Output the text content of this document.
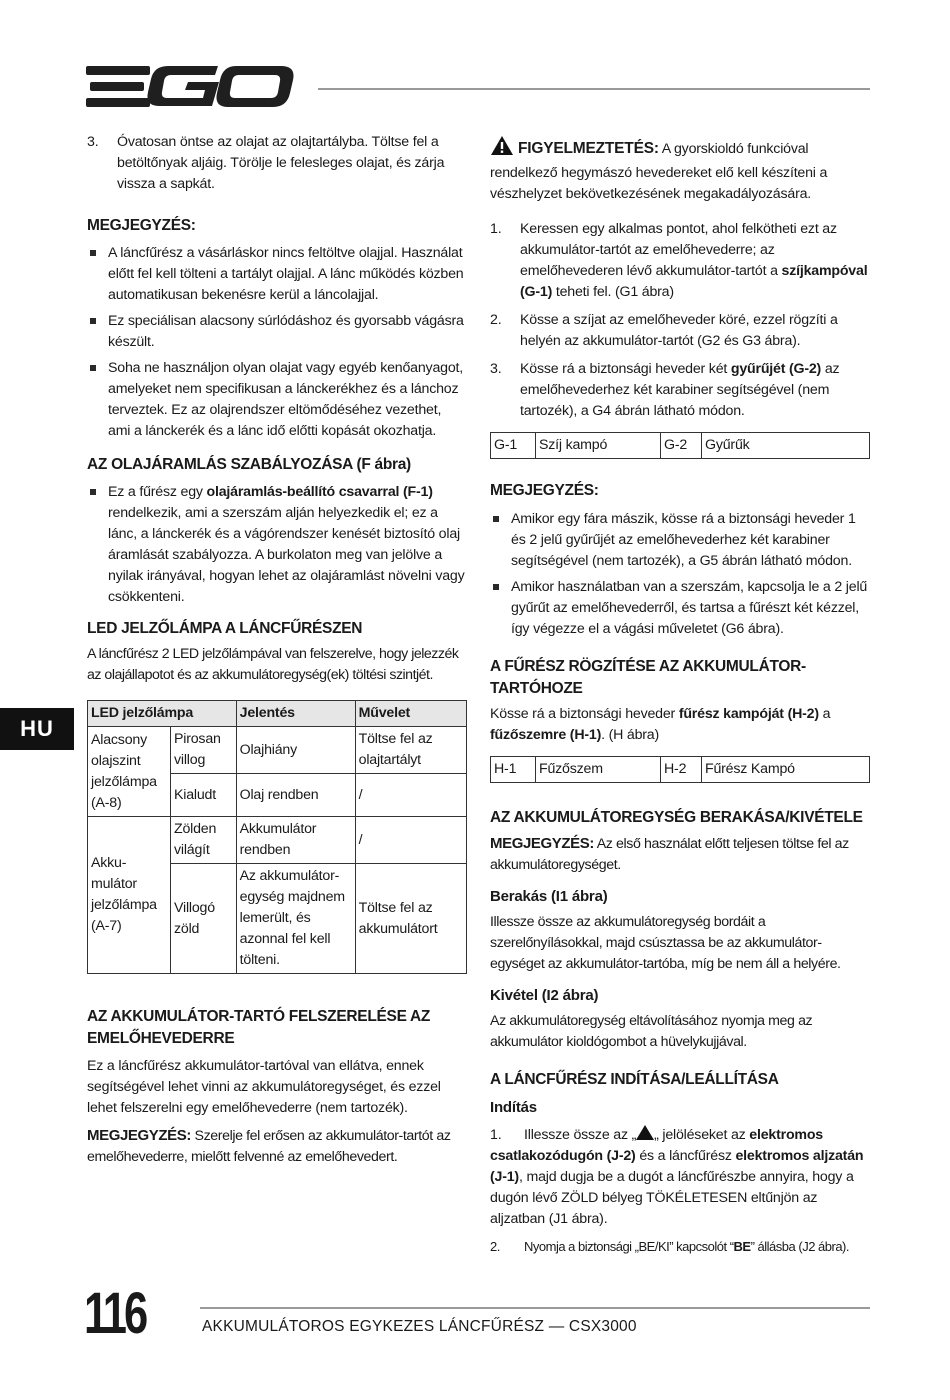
HU
3.	Óvatosan öntse az olajat az olajtartályba. Töltse fel a betöltőnyak aljáig. Törölje le felesleges olajat, és zárja vissza a sapkát.

MEGJEGYZÉS:

A láncfűrész a vásárláskor nincs feltöltve olajjal. Használat előtt fel kell tölteni a tartályt olajjal. A lánc működés közben automatikusan bekenésre kerül a láncolajjal.

Ez speciálisan alacsony súrlódáshoz és gyorsabb vágásra készült.

Soha ne használjon olyan olajat vagy egyéb kenőanyagot, amelyeket nem specifikusan a lánckerékhez és a lánchoz terveztek. Ez az olajrendszer eltömődéséhez vezethet, ami a lánckerék és a lánc idő előtti kopását okozhatja.

AZ OLAJÁRAMLÁS SZABÁLYOZÁSA (F ábra)

Ez a fűrész egy olajáramlás-beállító csavarral (F-1) rendelkezik, ami a szerszám alján helyezkedik el; ez a lánc, a lánckerék és a vágórendszer kenését biztosító olaj áramlását szabályozza. A burkolaton meg van jelölve a nyilak irányával, hogyan lehet az olajáramlást növelni vagy csökkenteni.

LED JELZŐLÁMPA A LÁNCFŰRÉSZEN

A láncfűrész 2 LED jelzőlámpával van felszerelve, hogy jelezzék az olajállapotot és az akkumulátoregység(ek) töltési szintjét.

LED jelzőlámpa		Jelentés	Művelet
Alacsony olajszint jelzőlámpa (A-8)	Pirosan villog	Olajhiány	Töltse fel az olajtartályt
	Kialudt	Olaj rendben	/
Akku-mulátor jelzőlámpa (A-7)	Zölden világít	Akkumulátor rendben	/
	Villogó zöld	Az akkumulátor-egység majdnem lemerült, és azonnal fel kell tölteni.	Töltse fel az akkumulátort
AZ AKKUMULÁTOR-TARTÓ FELSZERELÉSE AZ EMELŐHEVEDERRE

Ez a láncfűrész akkumulátor-tartóval van ellátva, ennek segítségével lehet vinni az akkumulátoregységet, és ezzel lehet felszerelni egy emelőhevederre (nem tartozék).

MEGJEGYZÉS: Szerelje fel erősen az akkumulátor-tartót az emelőhevederre, mielőtt felvenné az emelőhevedert.

FIGYELMEZTETÉS: A gyorskioldó funkcióval rendelkező hegymászó hevedereket elő kell készíteni a vészhelyzet bekövetkezésének megakadályozására.

1.	Keressen egy alkalmas pontot, ahol felkötheti ezt az akkumulátor-tartót az emelőhevederre; az emelőhevederen lévő akkumulátor-tartót a szíjkampóval (G-1) teheti fel. (G1 ábra)

2.	Kösse a szíjat az emelőheveder köré, ezzel rögzíti a helyén az akkumulátor-tartót (G2 és G3 ábra).

3.	Kösse rá a biztonsági heveder két gyűrűjét (G-2) az emelőhevederhez két karabiner segítségével (nem tartozék), a G4 ábrán látható módon.

G-1	Szíj kampó	G-2	Gyűrűk
MEGJEGYZÉS:

Amikor egy fára mászik, kösse rá a biztonsági heveder 1 és 2 jelű gyűrűjét az emelőhevederhez két karabiner segítségével (nem tartozék), a G5 ábrán látható módon.

Amikor használatban van a szerszám, kapcsolja le a 2 jelű gyűrűt az emelőhevederről, és tartsa a fűrészt két kézzel, így végezze el a vágási műveletet (G6 ábra).

A FŰRÉSZ RÖGZÍTÉSE AZ AKKUMULÁTOR-TARTÓHOZE

Kösse rá a biztonsági heveder fűrész kampóját (H-2) a fűzőszemre (H-1). (H ábra)

H-1	Fűzőszem	H-2	Fűrész Kampó
AZ AKKUMULÁTOREGYSÉG BERAKÁSA/KIVÉTELE

MEGJEGYZÉS: Az első használat előtt teljesen töltse fel az akkumulátoregységet.

Berakás (I1 ábra)

Illessze össze az akkumulátoregység bordáit a szerelőnyílásokkal, majd csúsztassa be az akkumulátor-egységet az akkumulátor-tartóba, míg be nem áll a helyére.

Kivétel (I2 ábra)

Az akkumulátoregység eltávolításához nyomja meg az akkumulátor kioldógombot a hüvelykujjával.

A LÁNCFŰRÉSZ INDÍTÁSA/LEÁLLÍTÁSA
Indítás
1.	Illessze össze az „ „ jelöléseket az elektromos csatlakozódugón (J-2) és a láncfűrész elektromos aljzatán (J-1), majd dugja be a dugót a láncfűrészbe annyira, hogy a dugón lévő ZÖLD bélyeg TÖKÉLETESEN eltűnjön az aljzatban (J1 ábra).

2.	Nyomja a biztonsági „BE/KI” kapcsolót “BE” állásba (J2 ábra).

116	AKKUMULÁTOROS EGYKEZES LÁNCFŰRÉSZ — CSX3000
